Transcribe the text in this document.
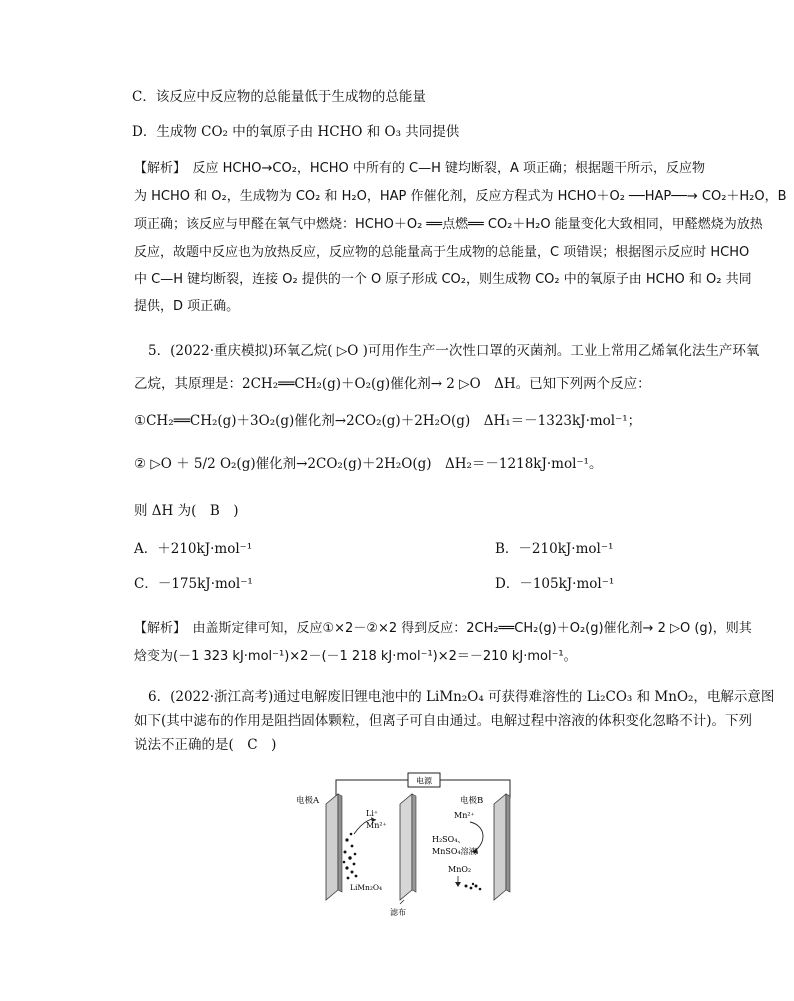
C．该反应中反应物的总能量低于生成物的总能量
D．生成物 CO₂ 中的氧原子由 HCHO 和 O₃ 共同提供
【解析】　反应 HCHO→CO₂，HCHO 中所有的 C—H 键均断裂，A 项正确；根据题干所示，反应物
为 HCHO 和 O₂，生成物为 CO₂ 和 H₂O，HAP 作催化剂，反应方程式为 HCHO＋O₂ ──HAP──→ CO₂＋H₂O，B
项正确；该反应与甲醛在氧气中燃烧：HCHO＋O₂ ══点燃══ CO₂＋H₂O 能量变化大致相同，甲醛燃烧为放热
反应，故题中反应也为放热反应，反应物的总能量高于生成物的总能量，C 项错误；根据图示反应时 HCHO
中 C—H 键均断裂，连接 O₂ 提供的一个 O 原子形成 CO₂，则生成物 CO₂ 中的氧原子由 HCHO 和 O₂ 共同
提供，D 项正确。
5．(2022·重庆模拟)环氧乙烷( ▷O )可用作生产一次性口罩的灭菌剂。工业上常用乙烯氧化法生产环氧
乙烷，其原理是：2CH₂══CH₂(g)＋O₂(g)催化剂→ 2 ▷O　ΔH。已知下列两个反应：
①CH₂══CH₂(g)＋3O₂(g)催化剂→2CO₂(g)＋2H₂O(g)　ΔH₁＝－1323kJ·mol⁻¹；
② ▷O ＋ 5/2 O₂(g)催化剂→2CO₂(g)＋2H₂O(g)　ΔH₂＝－1218kJ·mol⁻¹。
则 ΔH 为(　B　)
A．＋210kJ·mol⁻¹	B．－210kJ·mol⁻¹
C．－175kJ·mol⁻¹	D．－105kJ·mol⁻¹
【解析】　由盖斯定律可知，反应①×2－②×2 得到反应：2CH₂══CH₂(g)＋O₂(g)催化剂→ 2 ▷O (g)，则其
焓变为(－1 323 kJ·mol⁻¹)×2－(－1 218 kJ·mol⁻¹)×2＝－210 kJ·mol⁻¹。
6．(2022·浙江高考)通过电解废旧锂电池中的 LiMn₂O₄ 可获得难溶性的 Li₂CO₃ 和 MnO₂，电解示意图
如下(其中滤布的作用是阻挡固体颗粒，但离子可自由通过。电解过程中溶液的体积变化忽略不计)。下列
说法不正确的是(　C　)
电源
电极A	电极B
Li⁺
Mn²⁺
LiMn₂O₄
Mn²⁺
H₂SO₄、
MnSO₄溶液
MnO₂
滤布
